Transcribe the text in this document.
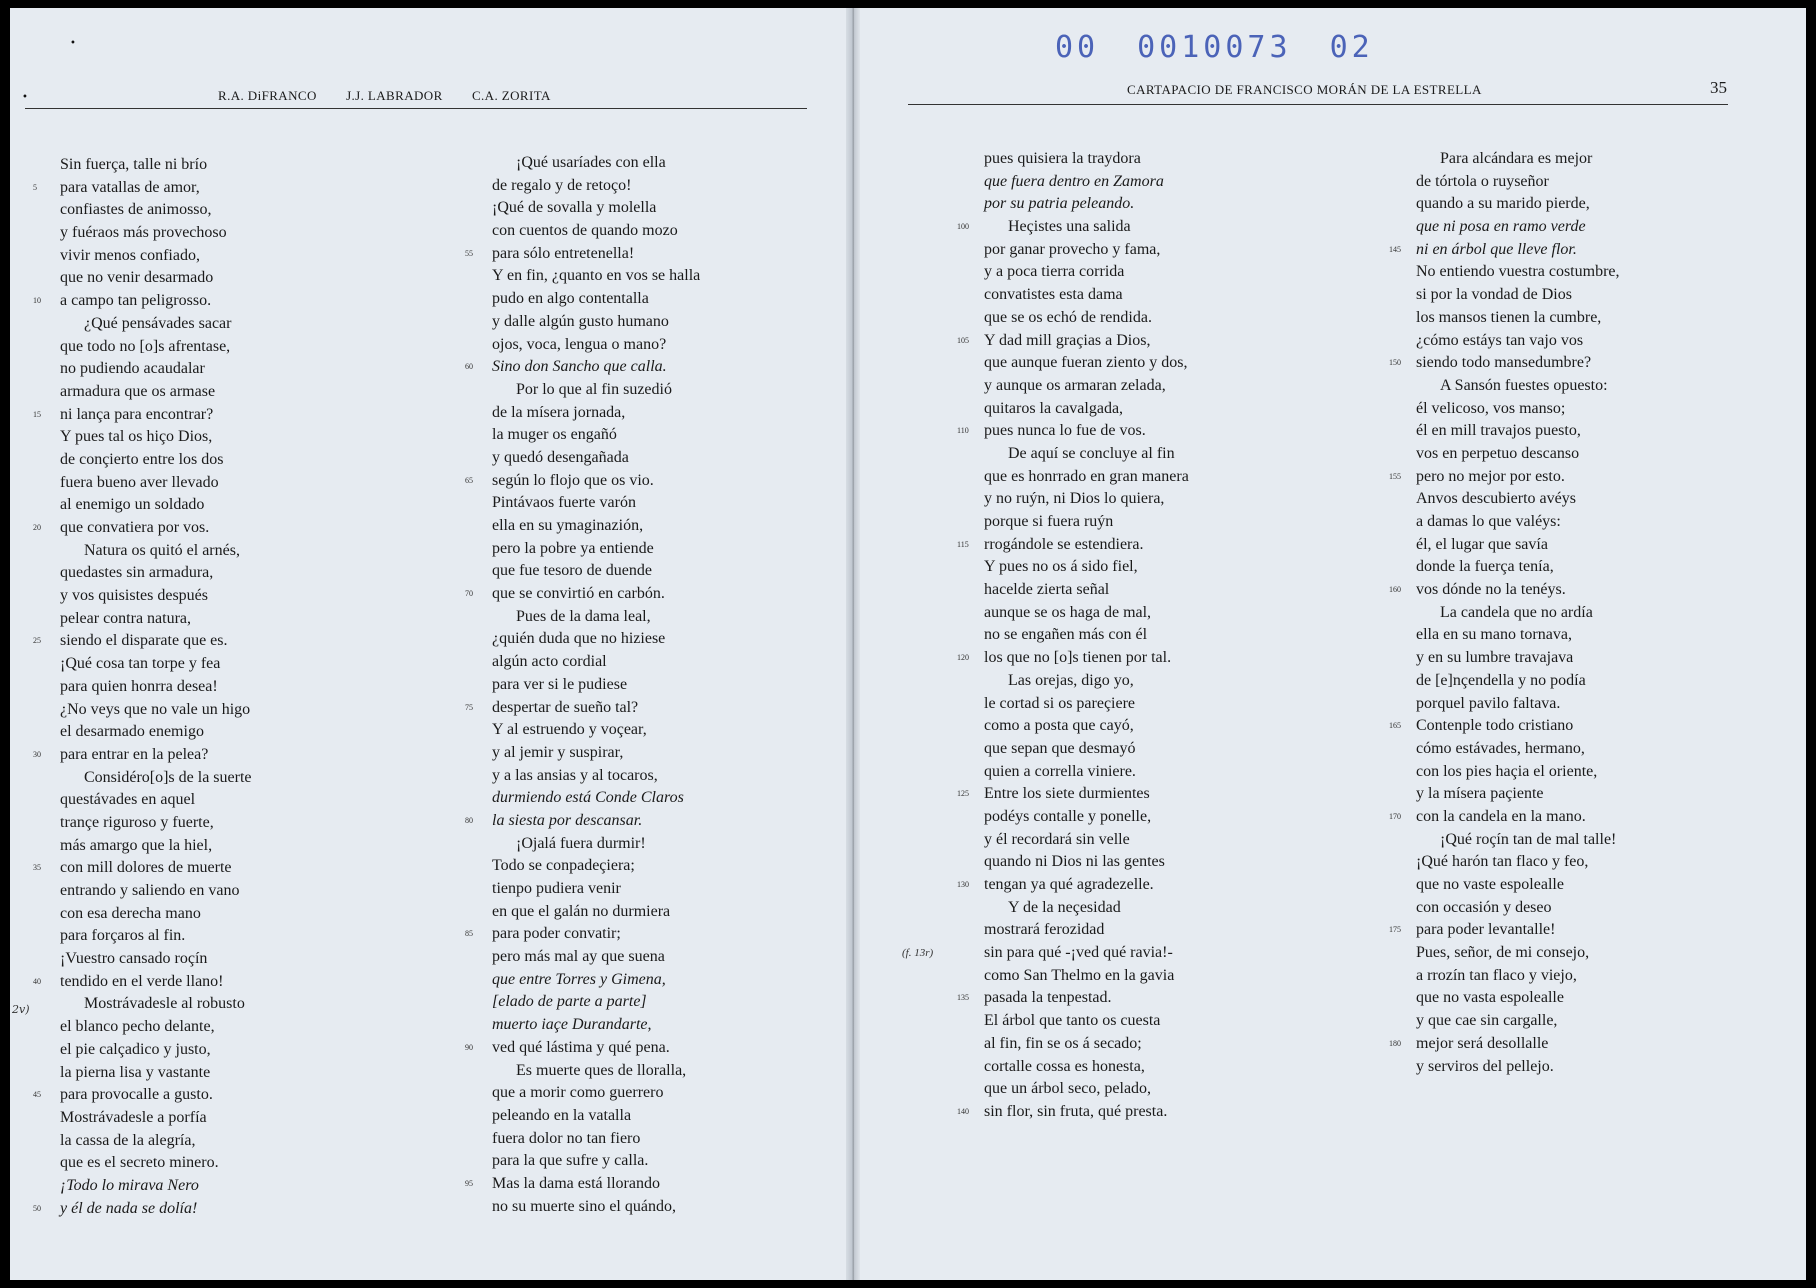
•
•	R.A. DiFRANCO J.J. LABRADOR C.A. ZORITA
00 0010073 02
CARTAPACIO DE FRANCISCO MORÁN DE LA ESTRELLA	35
2v)
Sin fuerça, talle ni brío
5 para vatallas de amor,
confiastes de animosso,
y fuéraos más provechoso
vivir menos confiado,
que no venir desarmado
10 a campo tan peligrosso.
¿Qué pensávades sacar
que todo no [o]s afrentase,
no pudiendo acaudalar
armadura que os armase
15 ni lança para encontrar?
Y pues tal os hiço Dios,
de conçierto entre los dos
fuera bueno aver llevado
al enemigo un soldado
20 que convatiera por vos.
Natura os quitó el arnés,
quedastes sin armadura,
y vos quisistes después
pelear contra natura,
25 siendo el disparate que es.
¡Qué cosa tan torpe y fea
para quien honrra desea!
¿No veys que no vale un higo
el desarmado enemigo
30 para entrar en la pelea?
Considéro[o]s de la suerte
questávades en aquel
trançe riguroso y fuerte,
más amargo que la hiel,
35 con mill dolores de muerte
entrando y saliendo en vano
con esa derecha mano
para forçaros al fin.
¡Vuestro cansado roçín
40 tendido en el verde llano!
Mostrávadesle al robusto
el blanco pecho delante,
el pie calçadico y justo,
la pierna lisa y vastante
45 para provocalle a gusto.
Mostrávadesle a porfía
la cassa de la alegría,
que es el secreto minero.
¡Todo lo mirava Nero
50 y él de nada se dolía!
¡Qué usaríades con ella
de regalo y de retoço!
¡Qué de sovalla y molella
con cuentos de quando mozo
55 para sólo entretenella!
Y en fin, ¿quanto en vos se halla
pudo en algo contentalla
y dalle algún gusto humano
ojos, voca, lengua o mano?
60 Sino don Sancho que calla.
Por lo que al fin suzedió
de la mísera jornada,
la muger os engañó
y quedó desengañada
65 según lo flojo que os vio.
Pintávaos fuerte varón
ella en su ymaginazión,
pero la pobre ya entiende
que fue tesoro de duende
70 que se convirtió en carbón.
Pues de la dama leal,
¿quién duda que no hiziese
algún acto cordial
para ver si le pudiese
75 despertar de sueño tal?
Y al estruendo y voçear,
y al jemir y suspirar,
y a las ansias y al tocaros,
durmiendo está Conde Claros
80 la siesta por descansar.
¡Ojalá fuera durmir!
Todo se conpadeçiera;
tienpo pudiera venir
en que el galán no durmiera
85 para poder convatir;
pero más mal ay que suena
que entre Torres y Gimena,
[elado de parte a parte]
muerto iaçe Durandarte,
90 ved qué lástima y qué pena.
Es muerte ques de lloralla,
que a morir como guerrero
peleando en la vatalla
fuera dolor no tan fiero
para la que sufre y calla.
95 Mas la dama está llorando
no su muerte sino el quándo,
pues quisiera la traydora
que fuera dentro en Zamora
por su patria peleando.
100 Heçistes una salida
por ganar provecho y fama,
y a poca tierra corrida
convatistes esta dama
que se os echó de rendida.
105 Y dad mill graçias a Dios,
que aunque fueran ziento y dos,
y aunque os armaran zelada,
quitaros la cavalgada,
110 pues nunca lo fue de vos.
De aquí se concluye al fin
que es honrrado en gran manera
y no ruýn, ni Dios lo quiera,
porque si fuera ruýn
115 rrogándole se estendiera.
Y pues no os á sido fiel,
hacelde zierta señal
aunque se os haga de mal,
no se engañen más con él
120 los que no [o]s tienen por tal.
Las orejas, digo yo,
le cortad si os pareçiere
como a posta que cayó,
que sepan que desmayó
quien a corrella viniere.
125 Entre los siete durmientes
podéys contalle y ponelle,
y él recordará sin velle
quando ni Dios ni las gentes
130 tengan ya qué agradezelle.
Y de la neçesidad
mostrará ferozidad
(f. 13r)	sin para qué -¡ved qué ravia!-
como San Thelmo en la gavia
135 pasada la tenpestad.
El árbol que tanto os cuesta
al fin, fin se os á secado;
cortalle cossa es honesta,
que un árbol seco, pelado,
140 sin flor, sin fruta, qué presta.
Para alcándara es mejor
de tórtola o ruyseñor
quando a su marido pierde,
que ni posa en ramo verde
145 ni en árbol que lleve flor.
No entiendo vuestra costumbre,
si por la vondad de Dios
los mansos tienen la cumbre,
¿cómo estáys tan vajo vos
150 siendo todo mansedumbre?
A Sansón fuestes opuesto:
él velicoso, vos manso;
él en mill travajos puesto,
vos en perpetuo descanso
155 pero no mejor por esto.
Anvos descubierto avéys
a damas lo que valéys:
él, el lugar que savía
donde la fuerça tenía,
160 vos dónde no la tenéys.
La candela que no ardía
ella en su mano tornava,
y en su lumbre travajava
de [e]nçendella y no podía
porquel pavilo faltava.
165 Contenple todo cristiano
cómo estávades, hermano,
con los pies haçia el oriente,
y la mísera paçiente
170 con la candela en la mano.
¡Qué roçín tan de mal talle!
¡Qué harón tan flaco y feo,
que no vaste espolealle
con occasión y deseo
175 para poder levantalle!
Pues, señor, de mi consejo,
a rrozín tan flaco y viejo,
que no vasta espolealle
y que cae sin cargalle,
180 mejor será desollalle
y serviros del pellejo.
